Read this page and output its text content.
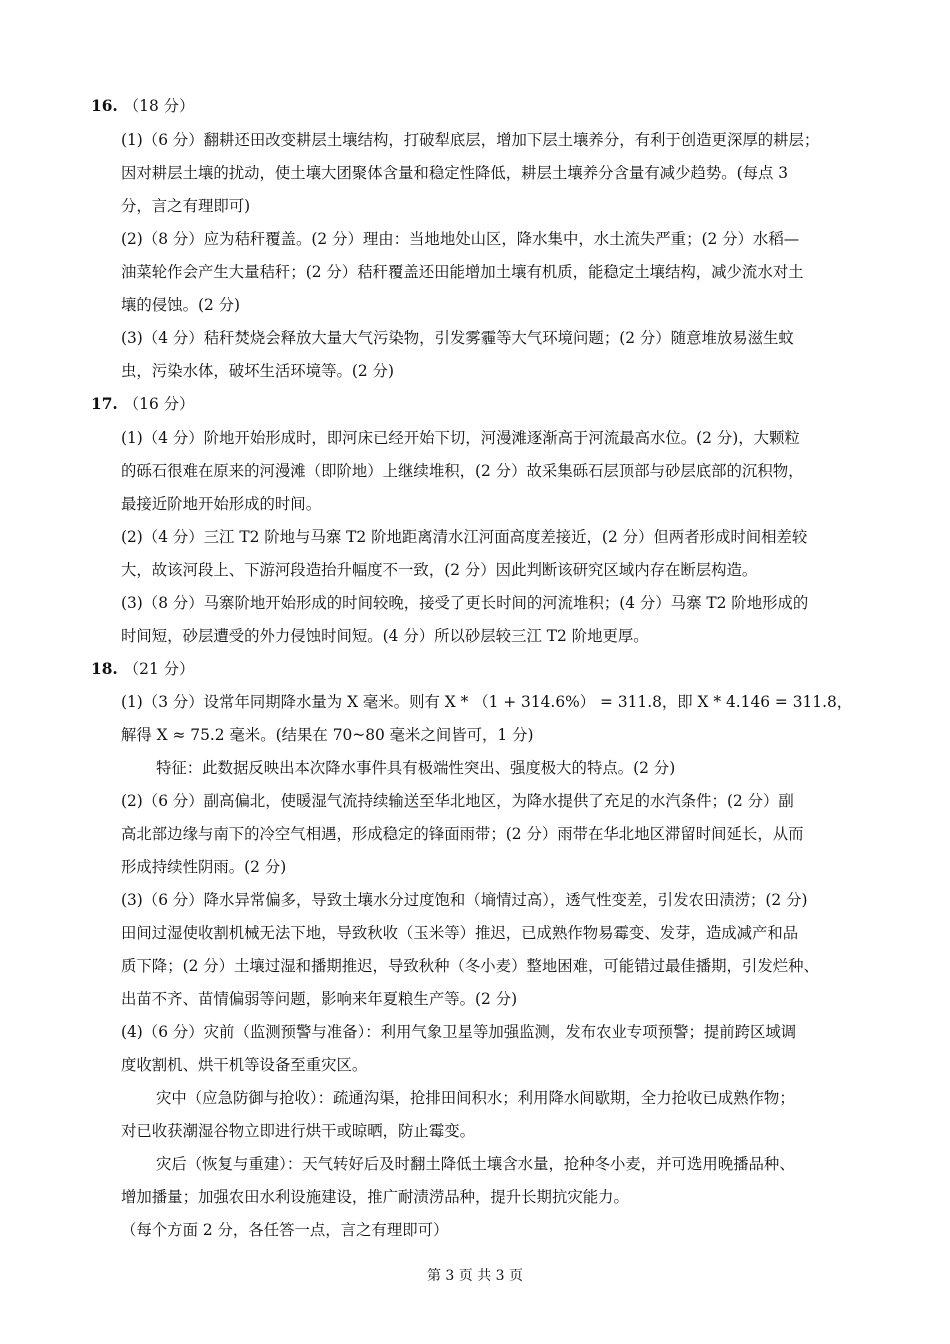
16. （18 分）
(1)（6 分）翻耕还田改变耕层土壤结构，打破犁底层，增加下层土壤养分，有利于创造更深厚的耕层；
因对耕层土壤的扰动，使土壤大团聚体含量和稳定性降低，耕层土壤养分含量有减少趋势。(每点 3
分，言之有理即可)
(2)（8 分）应为秸秆覆盖。(2 分）理由：当地地处山区，降水集中，水土流失严重；(2 分）水稻—
油菜轮作会产生大量秸秆；(2 分）秸秆覆盖还田能增加土壤有机质，能稳定土壤结构，减少流水对土
壤的侵蚀。(2 分)
(3)（4 分）秸秆焚烧会释放大量大气污染物，引发雾霾等大气环境问题；(2 分）随意堆放易滋生蚊
虫，污染水体，破坏生活环境等。(2 分)
17. （16 分）
(1)（4 分）阶地开始形成时，即河床已经开始下切，河漫滩逐渐高于河流最高水位。(2 分)，大颗粒
的砾石很难在原来的河漫滩（即阶地）上继续堆积，(2 分）故采集砾石层顶部与砂层底部的沉积物，
最接近阶地开始形成的时间。
(2)（4 分）三江 T2 阶地与马寨 T2 阶地距离清水江河面高度差接近，(2 分）但两者形成时间相差较
大，故该河段上、下游河段造抬升幅度不一致，(2 分）因此判断该研究区域内存在断层构造。
(3)（8 分）马寨阶地开始形成的时间较晚，接受了更长时间的河流堆积；(4 分）马寨 T2 阶地形成的
时间短，砂层遭受的外力侵蚀时间短。(4 分）所以砂层较三江 T2 阶地更厚。
18. （21 分）
(1)（3 分）设常年同期降水量为 X 毫米。则有 X * （1 + 314.6%） = 311.8，即 X * 4.146 = 311.8，
解得 X ≈ 75.2 毫米。(结果在 70~80 毫米之间皆可，1 分)
特征：此数据反映出本次降水事件具有极端性突出、强度极大的特点。(2 分)
(2)（6 分）副高偏北，使暖湿气流持续输送至华北地区，为降水提供了充足的水汽条件；(2 分）副
高北部边缘与南下的冷空气相遇，形成稳定的锋面雨带；(2 分）雨带在华北地区滞留时间延长，从而
形成持续性阴雨。(2 分)
(3)（6 分）降水异常偏多，导致土壤水分过度饱和（墒情过高），透气性变差，引发农田渍涝；(2 分)
田间过湿使收割机械无法下地，导致秋收（玉米等）推迟，已成熟作物易霉变、发芽，造成减产和品
质下降；(2 分）土壤过湿和播期推迟，导致秋种（冬小麦）整地困难，可能错过最佳播期，引发烂种、
出苗不齐、苗情偏弱等问题，影响来年夏粮生产等。(2 分)
(4)（6 分）灾前（监测预警与准备）：利用气象卫星等加强监测，发布农业专项预警；提前跨区域调
度收割机、烘干机等设备至重灾区。
灾中（应急防御与抢收）：疏通沟渠，抢排田间积水；利用降水间歇期，全力抢收已成熟作物；
对已收获潮湿谷物立即进行烘干或晾晒，防止霉变。
灾后（恢复与重建）：天气转好后及时翻土降低土壤含水量，抢种冬小麦，并可选用晚播品种、
增加播量；加强农田水利设施建设，推广耐渍涝品种，提升长期抗灾能力。
（每个方面 2 分，各任答一点，言之有理即可）
第 3 页 共 3 页
